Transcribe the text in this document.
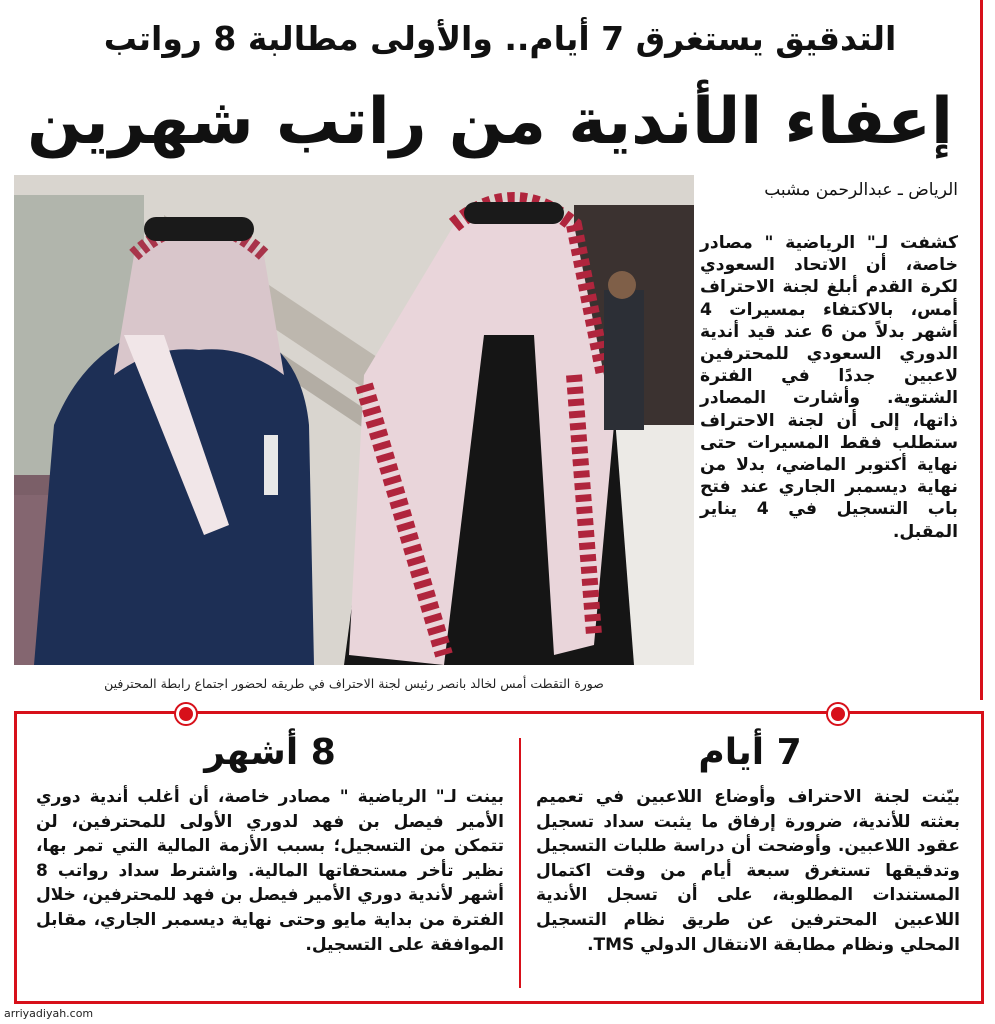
التدقيق يستغرق 7 أيام.. والأولى مطالبة 8 رواتب
إعفاء الأندية من راتب شهرين
صورة التقطت أمس لخالد بانصر رئيس لجنة الاحتراف في طريقه لحضور اجتماع رابطة المحترفين
الرياض ـ عبدالرحمن مشبب

كشفت لـ" الرياضية " مصادر خاصة، أن الاتحاد السعودي لكرة القدم أبلغ لجنة الاحتراف أمس، بالاكتفاء بمسيرات 4 أشهر بدلاً من 6 عند قيد أندية الدوري السعودي للمحترفين لاعبين جددًا في الفترة الشتوية. وأشارت المصادر ذاتها، إلى أن لجنة الاحتراف ستطلب فقط المسيرات حتى نهاية أكتوبر الماضي، بدلا من نهاية ديسمبر الجاري عند فتح باب التسجيل في 4 يناير المقبل.

7 أيام

بيّنت لجنة الاحتراف وأوضاع اللاعبين في تعميم بعثته للأندية، ضرورة إرفاق ما يثبت سداد تسجيل عقود اللاعبين. وأوضحت أن دراسة طلبات التسجيل وتدقيقها تستغرق سبعة أيام من وقت اكتمال المستندات المطلوبة، على أن تسجل الأندية اللاعبين المحترفين عن طريق نظام التسجيل المحلي ونظام مطابقة الانتقال الدولي TMS.

8 أشهر

بينت لـ" الرياضية " مصادر خاصة، أن أغلب أندية دوري الأمير فيصل بن فهد لدوري الأولى للمحترفين، لن تتمكن من التسجيل؛ بسبب الأزمة المالية التي تمر بها، نظير تأخر مستحقاتها المالية. واشترط سداد رواتب 8 أشهر لأندية دوري الأمير فيصل بن فهد للمحترفين، خلال الفترة من بداية مايو وحتى نهاية ديسمبر الجاري، مقابل الموافقة على التسجيل.

arriyadiyah.com
